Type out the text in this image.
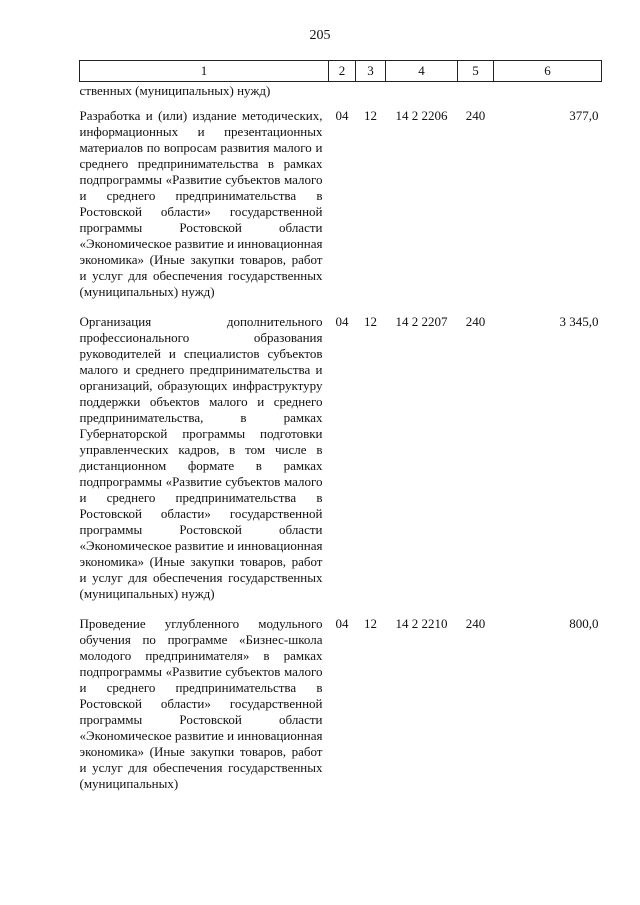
205
1	2	3	4	5	6
ственных (муниципальных) нужд)					
Разработка и (или) издание методических, информационных и презентационных материалов по вопросам развития малого и среднего предпринимательства в рамках подпрограммы «Развитие субъектов малого и среднего предпринимательства в Ростовской области» государственной программы Ростовской области «Экономическое развитие и инновационная экономика» (Иные закупки товаров, работ и услуг для обеспечения государственных (муниципальных) нужд)	04	12	14 2 2206	240	377,0
Организация дополнительного профессионального образования руководителей и специалистов субъектов малого и среднего предпринимательства и организаций, образующих инфраструктуру поддержки объектов малого и среднего предпринимательства, в рамках Губернаторской программы подготовки управленческих кадров, в том числе в дистанционном формате в рамках подпрограммы «Развитие субъектов малого и среднего предпринимательства в Ростовской области» государственной программы Ростовской области «Экономическое развитие и инновационная экономика» (Иные закупки товаров, работ и услуг для обеспечения государственных (муниципальных) нужд)	04	12	14 2 2207	240	3 345,0
Проведение углубленного модульного обучения по программе «Бизнес-школа молодого предпринимателя» в рамках подпрограммы «Развитие субъектов малого и среднего предпринимательства в Ростовской области» государственной программы Ростовской области «Экономическое развитие и инновационная экономика» (Иные закупки товаров, работ и услуг для обеспечения государственных (муниципальных)	04	12	14 2 2210	240	800,0
